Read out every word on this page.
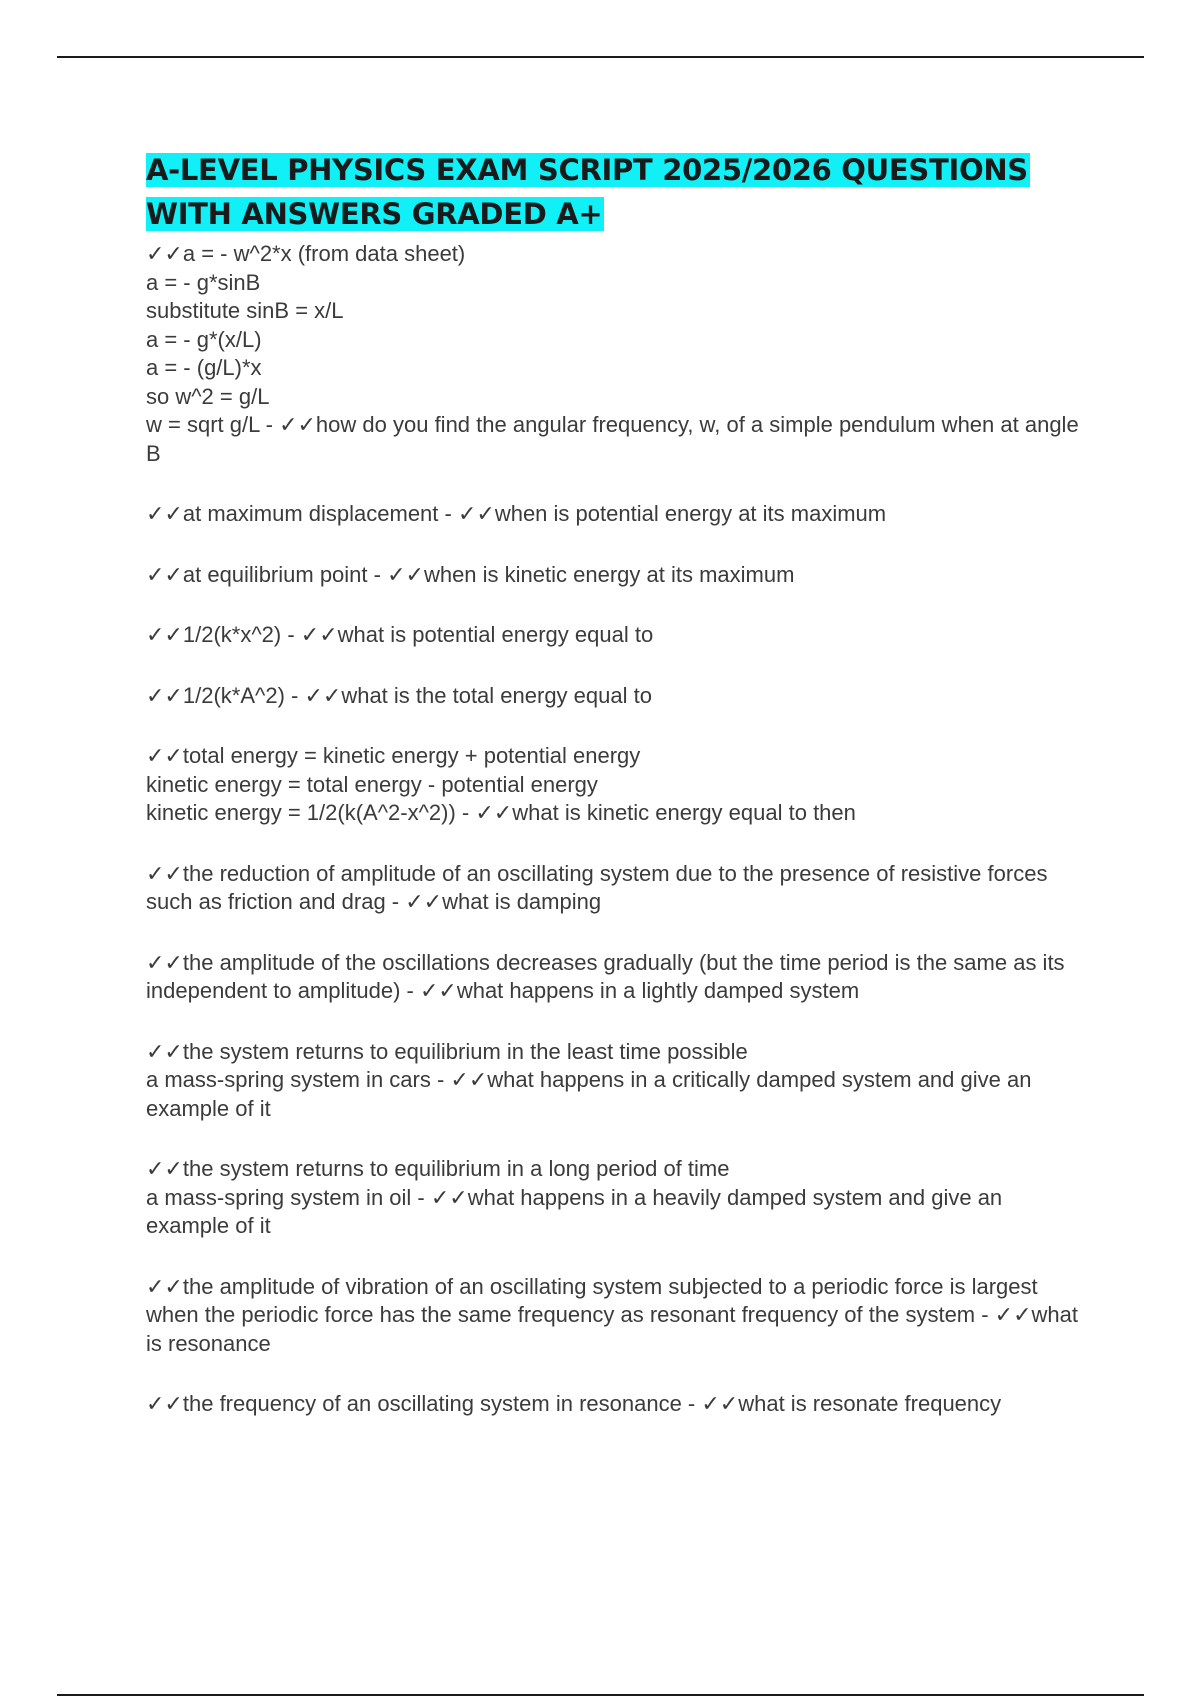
A-LEVEL PHYSICS EXAM SCRIPT 2025/2026 QUESTIONS WITH ANSWERS GRADED A+

✓✓a = - w^2*x (from data sheet)
a = - g*sinB
substitute sinB = x/L
a = - g*(x/L)
a = - (g/L)*x
so w^2 = g/L
w = sqrt g/L - ✓✓how do you find the angular frequency, w, of a simple pendulum when at angle B

✓✓at maximum displacement - ✓✓when is potential energy at its maximum

✓✓at equilibrium point - ✓✓when is kinetic energy at its maximum

✓✓1/2(k*x^2) - ✓✓what is potential energy equal to

✓✓1/2(k*A^2) - ✓✓what is the total energy equal to

✓✓total energy = kinetic energy + potential energy
kinetic energy = total energy - potential energy
kinetic energy = 1/2(k(A^2-x^2)) - ✓✓what is kinetic energy equal to then

✓✓the reduction of amplitude of an oscillating system due to the presence of resistive forces such as friction and drag - ✓✓what is damping

✓✓the amplitude of the oscillations decreases gradually (but the time period is the same as its independent to amplitude) - ✓✓what happens in a lightly damped system

✓✓the system returns to equilibrium in the least time possible
a mass-spring system in cars - ✓✓what happens in a critically damped system and give an example of it

✓✓the system returns to equilibrium in a long period of time
a mass-spring system in oil - ✓✓what happens in a heavily damped system and give an example of it

✓✓the amplitude of vibration of an oscillating system subjected to a periodic force is largest when the periodic force has the same frequency as resonant frequency of the system - ✓✓what is resonance

✓✓the frequency of an oscillating system in resonance - ✓✓what is resonate frequency
